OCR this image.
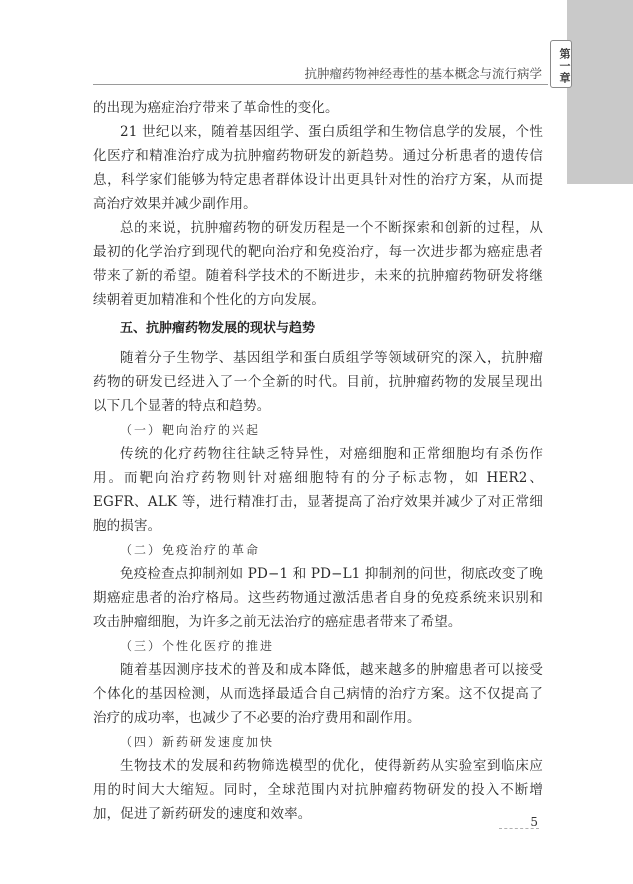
第一章
抗肿瘤药物神经毒性的基本概念与流行病学

的出现为癌症治疗带来了革命性的变化。

21 世纪以来，随着基因组学、蛋白质组学和生物信息学的发展，个性化医疗和精准治疗成为抗肿瘤药物研发的新趋势。通过分析患者的遗传信息，科学家们能够为特定患者群体设计出更具针对性的治疗方案，从而提高治疗效果并减少副作用。

总的来说，抗肿瘤药物的研发历程是一个不断探索和创新的过程，从最初的化学治疗到现代的靶向治疗和免疫治疗，每一次进步都为癌症患者带来了新的希望。随着科学技术的不断进步，未来的抗肿瘤药物研发将继续朝着更加精准和个性化的方向发展。

五、抗肿瘤药物发展的现状与趋势

随着分子生物学、基因组学和蛋白质组学等领域研究的深入，抗肿瘤药物的研发已经进入了一个全新的时代。目前，抗肿瘤药物的发展呈现出以下几个显著的特点和趋势。

（一）靶向治疗的兴起

传统的化疗药物往往缺乏特异性，对癌细胞和正常细胞均有杀伤作用。而靶向治疗药物则针对癌细胞特有的分子标志物，如 HER2、EGFR、ALK 等，进行精准打击，显著提高了治疗效果并减少了对正常细胞的损害。

（二）免疫治疗的革命

免疫检查点抑制剂如 PD−1 和 PD−L1 抑制剂的问世，彻底改变了晚期癌症患者的治疗格局。这些药物通过激活患者自身的免疫系统来识别和攻击肿瘤细胞，为许多之前无法治疗的癌症患者带来了希望。

（三）个性化医疗的推进

随着基因测序技术的普及和成本降低，越来越多的肿瘤患者可以接受个体化的基因检测，从而选择最适合自己病情的治疗方案。这不仅提高了治疗的成功率，也减少了不必要的治疗费用和副作用。

（四）新药研发速度加快

生物技术的发展和药物筛选模型的优化，使得新药从实验室到临床应用的时间大大缩短。同时，全球范围内对抗肿瘤药物研发的投入不断增加，促进了新药研发的速度和效率。	5
